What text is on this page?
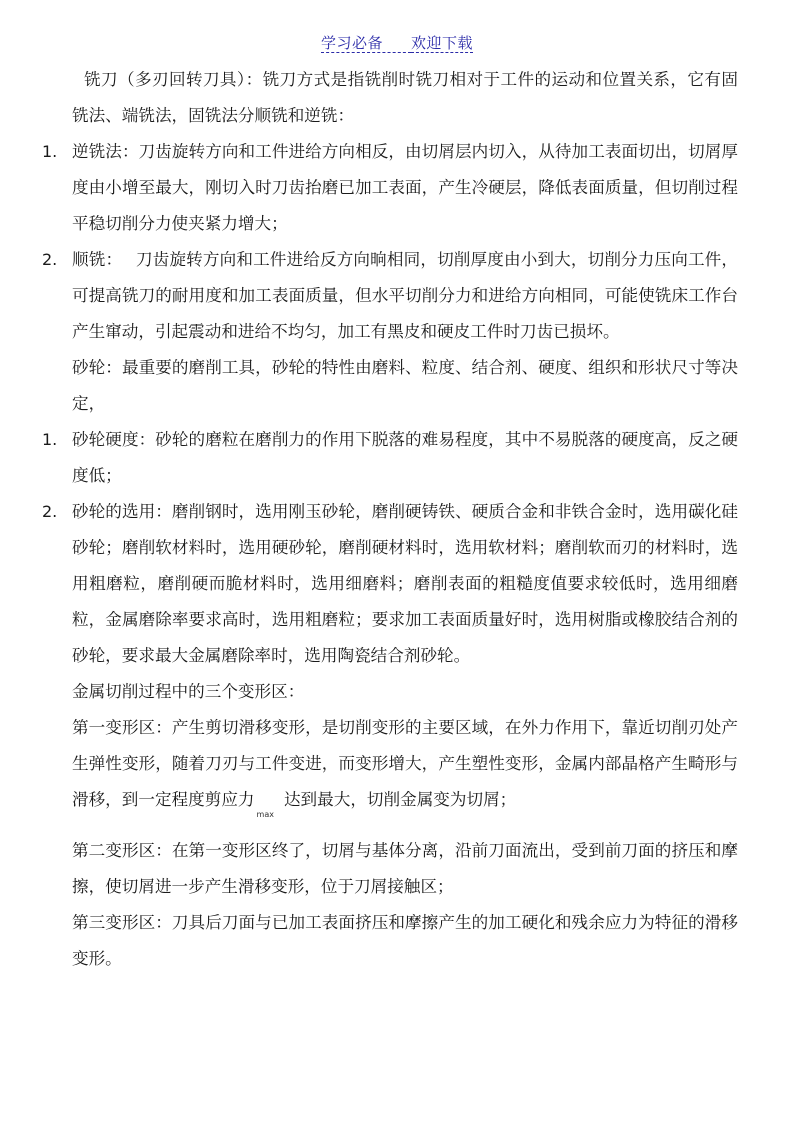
学习必备 欢迎下载

铣刀（多刃回转刀具）：铣刀方式是指铣削时铣刀相对于工件的运动和位置关系，它有固铣法、端铣法，固铣法分顺铣和逆铣：

1. 逆铣法：刀齿旋转方向和工件进给方向相反，由切屑层内切入，从待加工表面切出，切屑厚度由小增至最大，刚切入时刀齿抬磨已加工表面，产生冷硬层，降低表面质量，但切削过程平稳切削分力使夹紧力增大；
2. 顺铣：　 刀齿旋转方向和工件进给反方向晌相同，切削厚度由小到大，切削分力压向工件，可提高铣刀的耐用度和加工表面质量，但水平切削分力和进给方向相同，可能使铣床工作台产生窜动，引起震动和进给不均匀，加工有黑皮和硬皮工件时刀齿已损坏。

砂轮：最重要的磨削工具，砂轮的特性由磨料、粒度、结合剂、硬度、组织和形状尺寸等决定，

1. 砂轮硬度：砂轮的磨粒在磨削力的作用下脱落的难易程度，其中不易脱落的硬度高，反之硬度低；
2. 砂轮的选用：磨削钢时，选用刚玉砂轮，磨削硬铸铁、硬质合金和非铁合金时，选用碳化硅砂轮；磨削软材料时，选用硬砂轮，磨削硬材料时，选用软材料；磨削软而刃的材料时，选用粗磨粒，磨削硬而脆材料时，选用细磨料；磨削表面的粗糙度值要求较低时，选用细磨粒，金属磨除率要求高时，选用粗磨粒；要求加工表面质量好时，选用树脂或橡胶结合剂的砂轮，要求最大金属磨除率时，选用陶瓷结合剂砂轮。

金属切削过程中的三个变形区：

第一变形区：产生剪切滑移变形，是切削变形的主要区域，在外力作用下，靠近切削刃处产生弹性变形，随着刀刃与工件变进，而变形增大，产生塑性变形，金属内部晶格产生畸形与滑移，到一定程度剪应力$_{max}$达到最大，切削金属变为切屑；

第二变形区：在第一变形区终了，切屑与基体分离，沿前刀面流出，受到前刀面的挤压和摩擦，使切屑进一步产生滑移变形，位于刀屑接触区；

第三变形区：刀具后刀面与已加工表面挤压和摩擦产生的加工硬化和残余应力为特征的滑移变形。
